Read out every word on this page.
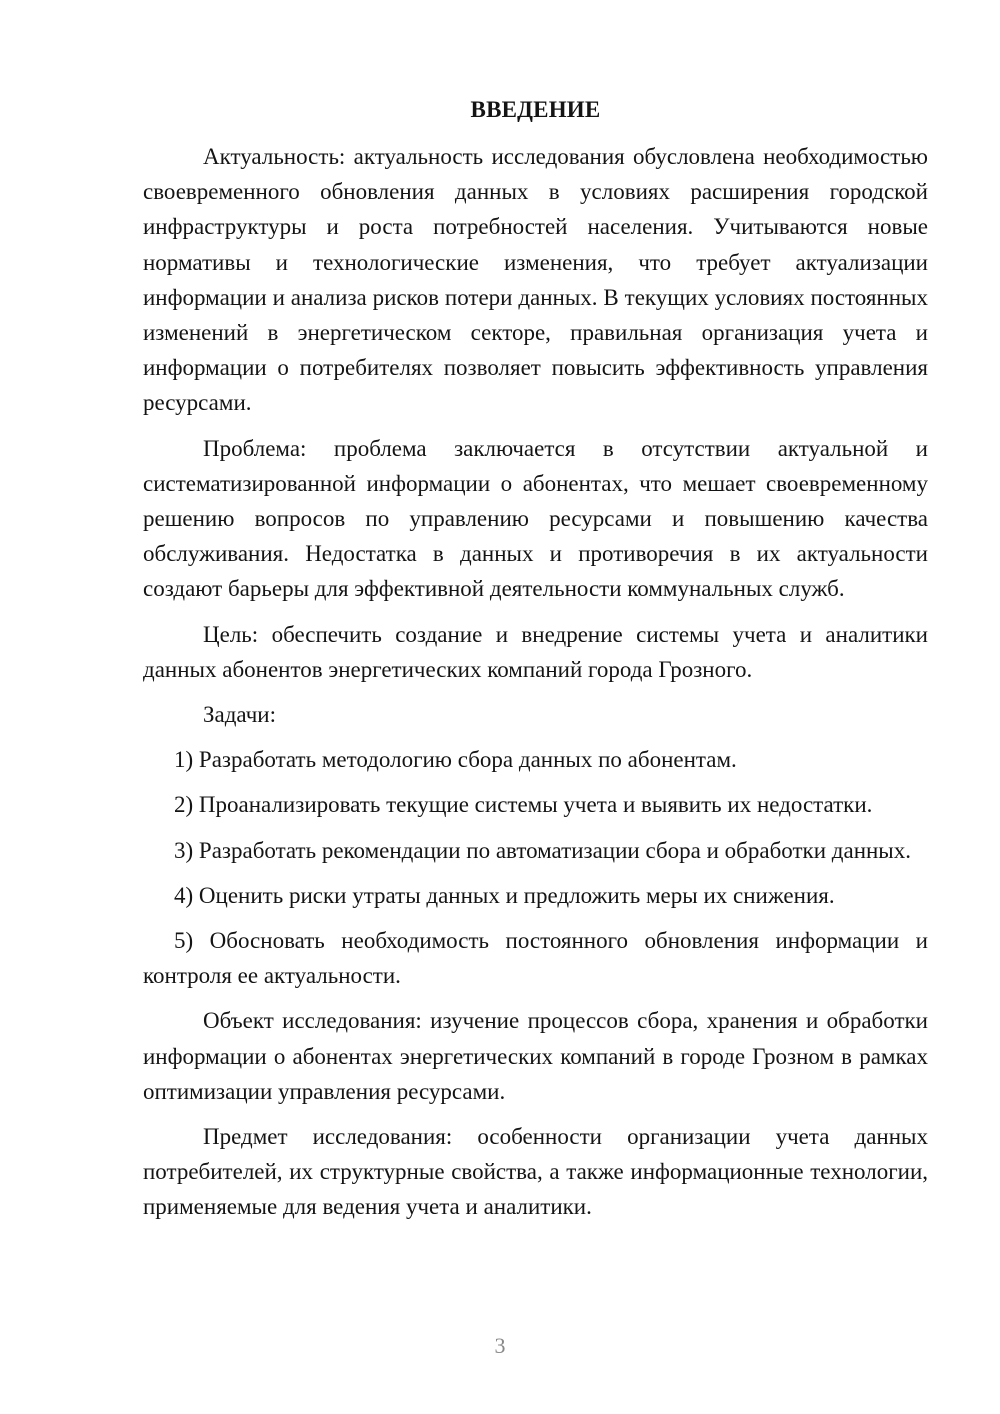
ВВЕДЕНИЕ

Актуальность: актуальность исследования обусловлена необходимостью своевременного обновления данных в условиях расширения городской инфраструктуры и роста потребностей населения. Учитываются новые нормативы и технологические изменения, что требует актуализации информации и анализа рисков потери данных. В текущих условиях постоянных изменений в энергетическом секторе, правильная организация учета и информации о потребителях позволяет повысить эффективность управления ресурсами.

Проблема: проблема заключается в отсутствии актуальной и систематизированной информации о абонентах, что мешает своевременному решению вопросов по управлению ресурсами и повышению качества обслуживания. Недостатка в данных и противоречия в их актуальности создают барьеры для эффективной деятельности коммунальных служб.

Цель: обеспечить создание и внедрение системы учета и аналитики данных абонентов энергетических компаний города Грозного.

Задачи:

1) Разработать методологию сбора данных по абонентам.

2) Проанализировать текущие системы учета и выявить их недостатки.

3) Разработать рекомендации по автоматизации сбора и обработки данных.

4) Оценить риски утраты данных и предложить меры их снижения.

5) Обосновать необходимость постоянного обновления информации и контроля ее актуальности.

Объект исследования: изучение процессов сбора, хранения и обработки информации о абонентах энергетических компаний в городе Грозном в рамках оптимизации управления ресурсами.

Предмет исследования: особенности организации учета данных потребителей, их структурные свойства, а также информационные технологии, применяемые для ведения учета и аналитики.

3
